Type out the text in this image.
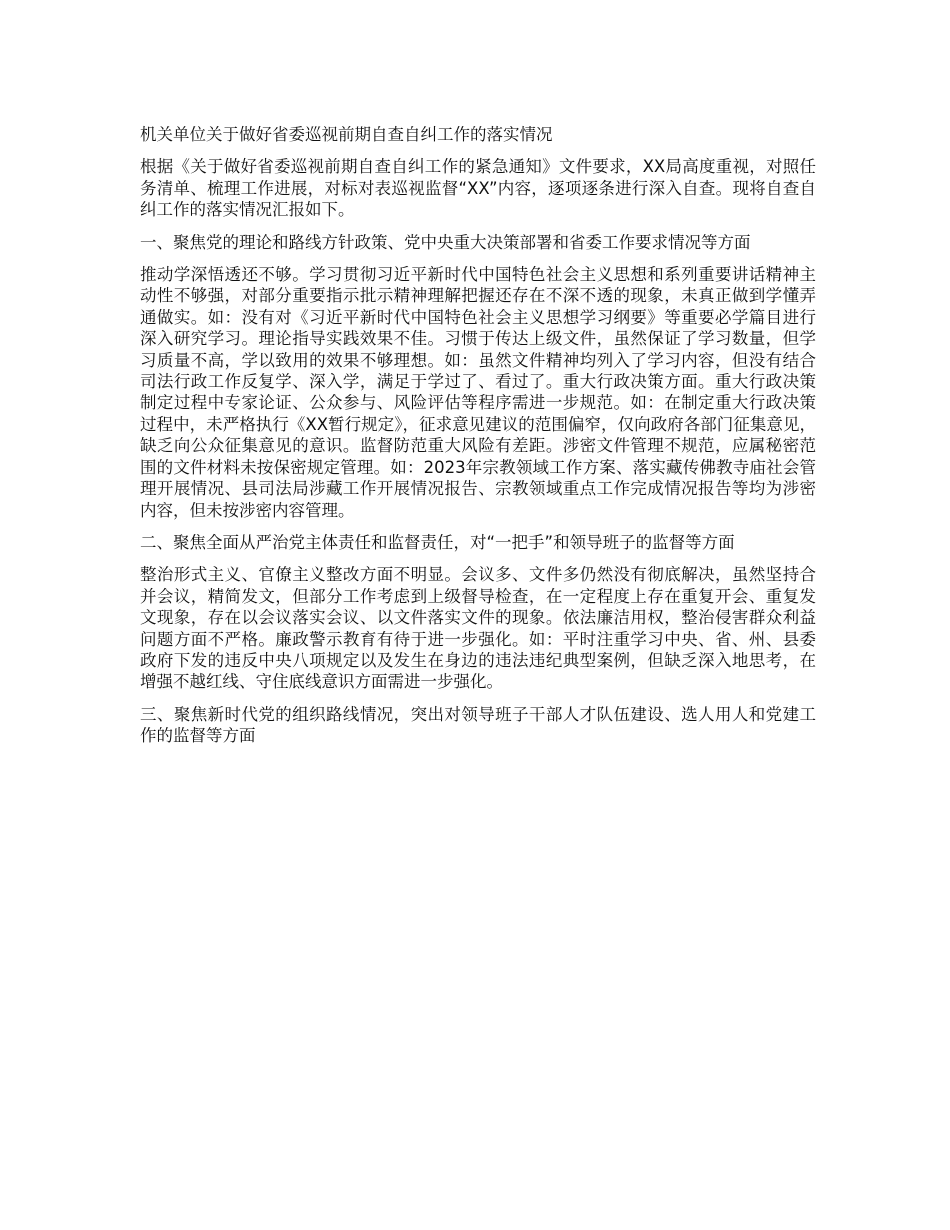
机关单位关于做好省委巡视前期自查自纠工作的落实情况

根据《关于做好省委巡视前期自查自纠工作的紧急通知》文件要求，XX局高度重视，对照任务清单、梳理工作进展，对标对表巡视监督“XX”内容，逐项逐条进行深入自查。现将自查自纠工作的落实情况汇报如下。

一、聚焦党的理论和路线方针政策、党中央重大决策部署和省委工作要求情况等方面

推动学深悟透还不够。学习贯彻习近平新时代中国特色社会主义思想和系列重要讲话精神主动性不够强，对部分重要指示批示精神理解把握还存在不深不透的现象，未真正做到学懂弄通做实。如：没有对《习近平新时代中国特色社会主义思想学习纲要》等重要必学篇目进行深入研究学习。理论指导实践效果不佳。习惯于传达上级文件，虽然保证了学习数量，但学习质量不高，学以致用的效果不够理想。如：虽然文件精神均列入了学习内容，但没有结合司法行政工作反复学、深入学，满足于学过了、看过了。重大行政决策方面。重大行政决策制定过程中专家论证、公众参与、风险评估等程序需进一步规范。如：在制定重大行政决策过程中，未严格执行《XX暂行规定》，征求意见建议的范围偏窄，仅向政府各部门征集意见，缺乏向公众征集意见的意识。监督防范重大风险有差距。涉密文件管理不规范，应属秘密范围的文件材料未按保密规定管理。如：2023年宗教领域工作方案、落实藏传佛教寺庙社会管理开展情况、县司法局涉藏工作开展情况报告、宗教领域重点工作完成情况报告等均为涉密内容，但未按涉密内容管理。

二、聚焦全面从严治党主体责任和监督责任，对“一把手”和领导班子的监督等方面

整治形式主义、官僚主义整改方面不明显。会议多、文件多仍然没有彻底解决，虽然坚持合并会议，精简发文，但部分工作考虑到上级督导检查，在一定程度上存在重复开会、重复发文现象，存在以会议落实会议、以文件落实文件的现象。依法廉洁用权，整治侵害群众利益问题方面不严格。廉政警示教育有待于进一步强化。如：平时注重学习中央、省、州、县委政府下发的违反中央八项规定以及发生在身边的违法违纪典型案例，但缺乏深入地思考，在增强不越红线、守住底线意识方面需进一步强化。

三、聚焦新时代党的组织路线情况，突出对领导班子干部人才队伍建设、选人用人和党建工作的监督等方面
